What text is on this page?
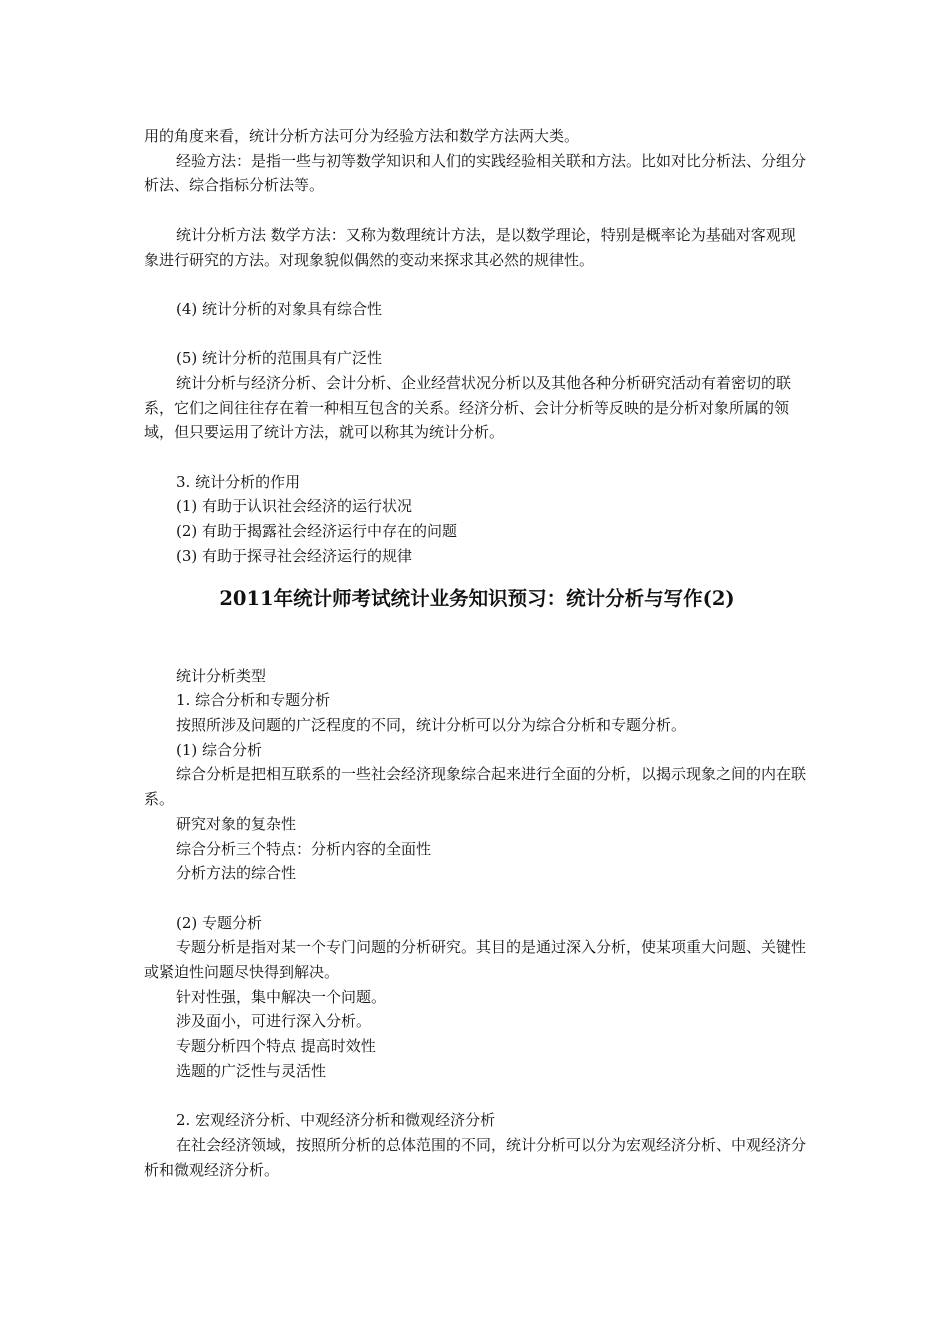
用的角度来看，统计分析方法可分为经验方法和数学方法两大类。

经验方法：是指一些与初等数学知识和人们的实践经验相关联和方法。比如对比分析法、分组分析法、综合指标分析法等。

统计分析方法 数学方法：又称为数理统计方法，是以数学理论，特别是概率论为基础对客观现象进行研究的方法。对现象貌似偶然的变动来探求其必然的规律性。

(4) 统计分析的对象具有综合性

(5) 统计分析的范围具有广泛性

统计分析与经济分析、会计分析、企业经营状况分析以及其他各种分析研究活动有着密切的联系，它们之间往往存在着一种相互包含的关系。经济分析、会计分析等反映的是分析对象所属的领域，但只要运用了统计方法，就可以称其为统计分析。

3. 统计分析的作用

(1) 有助于认识社会经济的运行状况

(2) 有助于揭露社会经济运行中存在的问题

(3) 有助于探寻社会经济运行的规律

2011年统计师考试统计业务知识预习：统计分析与写作(2)

统计分析类型

1. 综合分析和专题分析

按照所涉及问题的广泛程度的不同，统计分析可以分为综合分析和专题分析。

(1) 综合分析

综合分析是把相互联系的一些社会经济现象综合起来进行全面的分析，以揭示现象之间的内在联系。

研究对象的复杂性

综合分析三个特点：分析内容的全面性

分析方法的综合性

(2) 专题分析

专题分析是指对某一个专门问题的分析研究。其目的是通过深入分析，使某项重大问题、关键性或紧迫性问题尽快得到解决。

针对性强，集中解决一个问题。

涉及面小，可进行深入分析。

专题分析四个特点 提高时效性

选题的广泛性与灵活性

2. 宏观经济分析、中观经济分析和微观经济分析

在社会经济领域，按照所分析的总体范围的不同，统计分析可以分为宏观经济分析、中观经济分析和微观经济分析。
